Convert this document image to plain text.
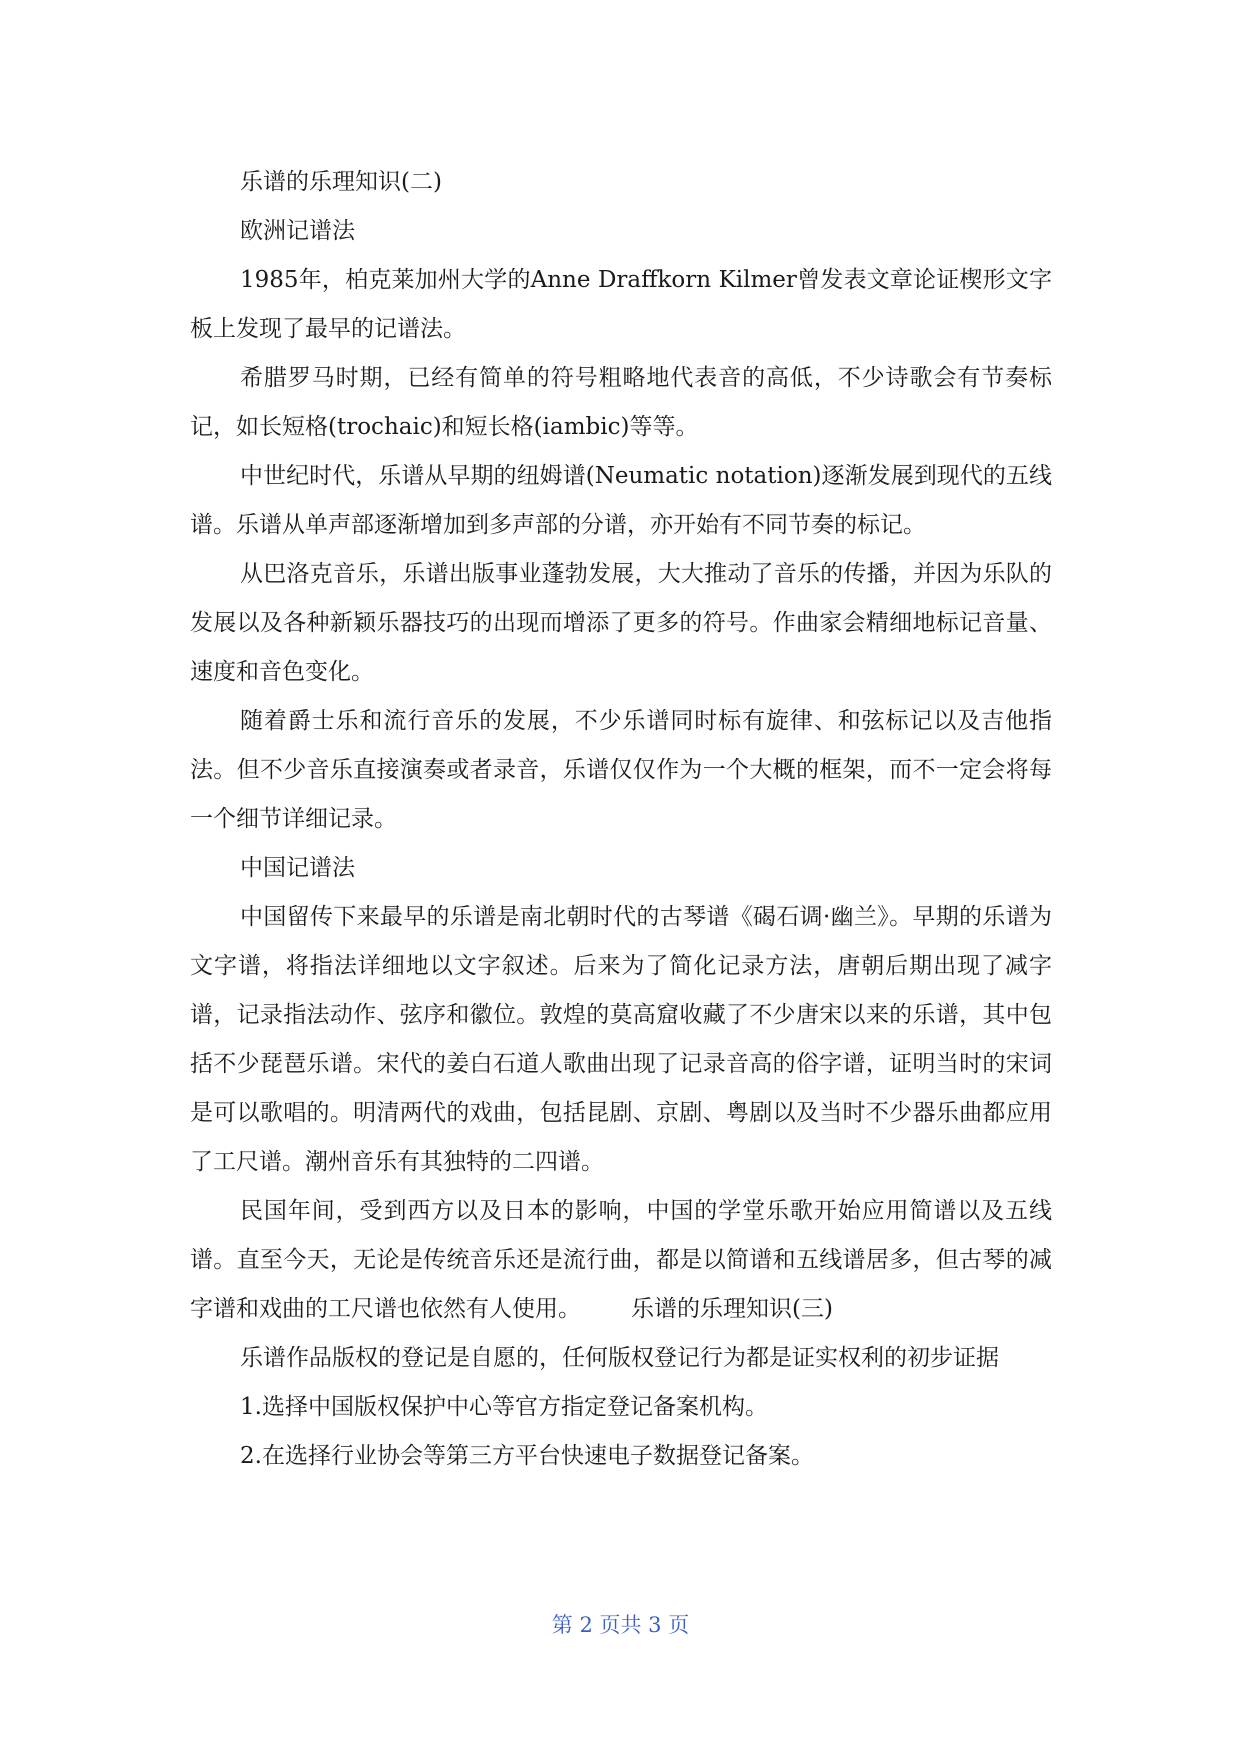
乐谱的乐理知识(二)

欧洲记谱法

1985年，柏克莱加州大学的Anne Draffkorn Kilmer曾发表文章论证楔形文字板上发现了最早的记谱法。

希腊罗马时期，已经有简单的符号粗略地代表音的高低，不少诗歌会有节奏标记，如长短格(trochaic)和短长格(iambic)等等。

中世纪时代，乐谱从早期的纽姆谱(Neumatic notation)逐渐发展到现代的五线谱。乐谱从单声部逐渐增加到多声部的分谱，亦开始有不同节奏的标记。

从巴洛克音乐，乐谱出版事业蓬勃发展，大大推动了音乐的传播，并因为乐队的发展以及各种新颖乐器技巧的出现而增添了更多的符号。作曲家会精细地标记音量、速度和音色变化。

随着爵士乐和流行音乐的发展，不少乐谱同时标有旋律、和弦标记以及吉他指法。但不少音乐直接演奏或者录音，乐谱仅仅作为一个大概的框架，而不一定会将每一个细节详细记录。

中国记谱法

中国留传下来最早的乐谱是南北朝时代的古琴谱《碣石调·幽兰》。早期的乐谱为文字谱，将指法详细地以文字叙述。后来为了简化记录方法，唐朝后期出现了减字谱，记录指法动作、弦序和徽位。敦煌的莫高窟收藏了不少唐宋以来的乐谱，其中包括不少琵琶乐谱。宋代的姜白石道人歌曲出现了记录音高的俗字谱，证明当时的宋词是可以歌唱的。明清两代的戏曲，包括昆剧、京剧、粤剧以及当时不少器乐曲都应用了工尺谱。潮州音乐有其独特的二四谱。

民国年间，受到西方以及日本的影响，中国的学堂乐歌开始应用简谱以及五线谱。直至今天，无论是传统音乐还是流行曲，都是以简谱和五线谱居多，但古琴的减字谱和戏曲的工尺谱也依然有人使用。 乐谱的乐理知识(三)

乐谱作品版权的登记是自愿的，任何版权登记行为都是证实权利的初步证据

1.选择中国版权保护中心等官方指定登记备案机构。

2.在选择行业协会等第三方平台快速电子数据登记备案。

第 2 页共 3 页
